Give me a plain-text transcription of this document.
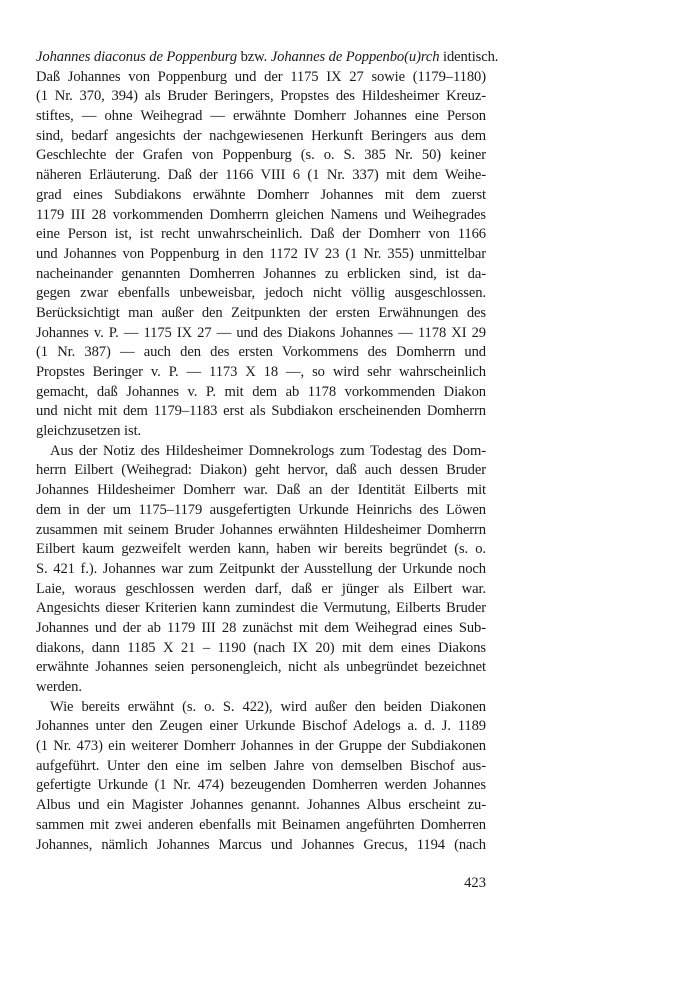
Johannes diaconus de Poppenburg bzw. Johannes de Poppenbo(u)rch identisch.
Daß Johannes von Poppenburg und der 1175 IX 27 sowie (1179–1180)
(1 Nr. 370, 394) als Bruder Beringers, Propstes des Hildesheimer Kreuz-
stiftes, — ohne Weihegrad — erwähnte Domherr Johannes eine Person
sind, bedarf angesichts der nachgewiesenen Herkunft Beringers aus dem
Geschlechte der Grafen von Poppenburg (s. o. S. 385 Nr. 50) keiner
näheren Erläuterung. Daß der 1166 VIII 6 (1 Nr. 337) mit dem Weihe-
grad eines Subdiakons erwähnte Domherr Johannes mit dem zuerst
1179 III 28 vorkommenden Domherrn gleichen Namens und Weihegrades
eine Person ist, ist recht unwahrscheinlich. Daß der Domherr von 1166
und Johannes von Poppenburg in den 1172 IV 23 (1 Nr. 355) unmittelbar
nacheinander genannten Domherren Johannes zu erblicken sind, ist da-
gegen zwar ebenfalls unbeweisbar, jedoch nicht völlig ausgeschlossen.
Berücksichtigt man außer den Zeitpunkten der ersten Erwähnungen des
Johannes v. P. — 1175 IX 27 — und des Diakons Johannes — 1178 XI 29
(1 Nr. 387) — auch den des ersten Vorkommens des Domherrn und
Propstes Beringer v. P. — 1173 X 18 —, so wird sehr wahrscheinlich
gemacht, daß Johannes v. P. mit dem ab 1178 vorkommenden Diakon
und nicht mit dem 1179–1183 erst als Subdiakon erscheinenden Domherrn
gleichzusetzen ist.
Aus der Notiz des Hildesheimer Domnekrologs zum Todestag des Dom-
herrn Eilbert (Weihegrad: Diakon) geht hervor, daß auch dessen Bruder
Johannes Hildesheimer Domherr war. Daß an der Identität Eilberts mit
dem in der um 1175–1179 ausgefertigten Urkunde Heinrichs des Löwen
zusammen mit seinem Bruder Johannes erwähnten Hildesheimer Domherrn
Eilbert kaum gezweifelt werden kann, haben wir bereits begründet (s. o.
S. 421 f.). Johannes war zum Zeitpunkt der Ausstellung der Urkunde noch
Laie, woraus geschlossen werden darf, daß er jünger als Eilbert war.
Angesichts dieser Kriterien kann zumindest die Vermutung, Eilberts Bruder
Johannes und der ab 1179 III 28 zunächst mit dem Weihegrad eines Sub-
diakons, dann 1185 X 21 – 1190 (nach IX 20) mit dem eines Diakons
erwähnte Johannes seien personengleich, nicht als unbegründet bezeichnet
werden.
Wie bereits erwähnt (s. o. S. 422), wird außer den beiden Diakonen
Johannes unter den Zeugen einer Urkunde Bischof Adelogs a. d. J. 1189
(1 Nr. 473) ein weiterer Domherr Johannes in der Gruppe der Subdiakonen
aufgeführt. Unter den eine im selben Jahre von demselben Bischof aus-
gefertigte Urkunde (1 Nr. 474) bezeugenden Domherren werden Johannes
Albus und ein Magister Johannes genannt. Johannes Albus erscheint zu-
sammen mit zwei anderen ebenfalls mit Beinamen angeführten Domherren
Johannes, nämlich Johannes Marcus und Johannes Grecus, 1194 (nach
423
